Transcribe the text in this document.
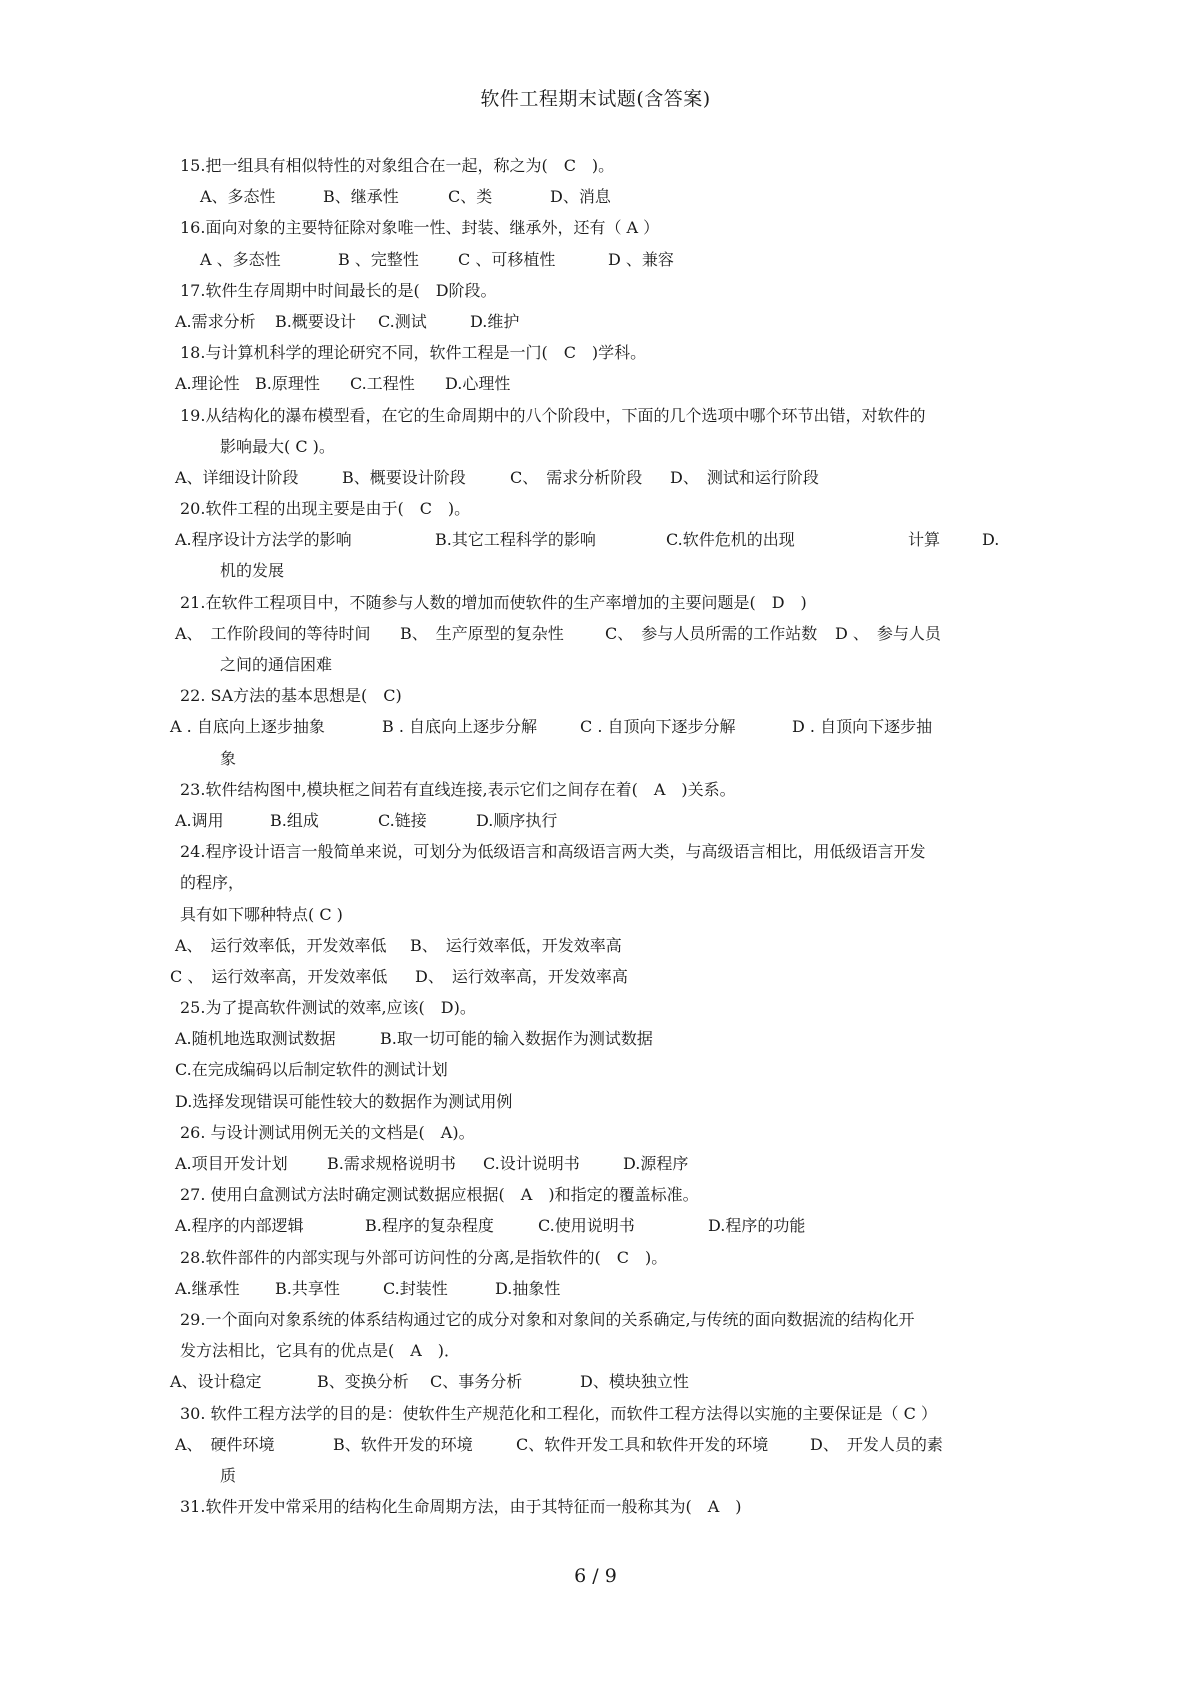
软件工程期末试题(含答案)
15.把一组具有相似特性的对象组合在一起，称之为(　C　)。
A、多态性	B、继承性	C、类	D、消息
16.面向对象的主要特征除对象唯一性、封装、继承外，还有（ A ）
A 、多态性	B 、完整性 C 、可移植性	D 、兼容
17.软件生存周期中时间最长的是(　D阶段。
A.需求分析 B.概要设计 C.测试	D.维护
18.与计算机科学的理论研究不同，软件工程是一门(　C　)学科。
A.理论性 B.原理性 C.工程性 D.心理性
19.从结构化的瀑布模型看，在它的生命周期中的八个阶段中，下面的几个选项中哪个环节出错，对软件的
影响最大( C )。
A、详细设计阶段	B、概要设计阶段	C、　需求分析阶段 D、　测试和运行阶段
20.软件工程的出现主要是由于(　C　)。
A.程序设计方法学的影响	B.其它工程科学的影响	C.软件危机的出现	计算	D.
机的发展
21.在软件工程项目中，不随参与人数的增加而使软件的生产率增加的主要问题是(　D　)
A、　工作阶段间的等待时间 B、　生产原型的复杂性	C、　参与人员所需的工作站数 D 、　参与人员
之间的通信困难
22. SA方法的基本思想是(　C)
A . 自底向上逐步抽象	B . 自底向上逐步分解	C . 自顶向下逐步分解	D . 自顶向下逐步抽
象
23.软件结构图中,模块框之间若有直线连接,表示它们之间存在着(　A　)关系。
A.调用	B.组成	C.链接	D.顺序执行
24.程序设计语言一般简单来说，可划分为低级语言和高级语言两大类，与高级语言相比，用低级语言开发
的程序，
具有如下哪种特点( C )
A、　运行效率低，开发效率低 B、　运行效率低，开发效率高
C 、　运行效率高，开发效率低 D、　运行效率高，开发效率高
25.为了提高软件测试的效率,应该(　D)。
A.随机地选取测试数据	B.取一切可能的输入数据作为测试数据
C.在完成编码以后制定软件的测试计划
D.选择发现错误可能性较大的数据作为测试用例
26. 与设计测试用例无关的文档是(　A)。
A.项目开发计划 B.需求规格说明书 C.设计说明书	D.源程序
27. 使用白盒测试方法时确定测试数据应根据(　A　)和指定的覆盖标准。
A.程序的内部逻辑	B.程序的复杂程度	C.使用说明书	D.程序的功能
28.软件部件的内部实现与外部可访问性的分离,是指软件的(　C　)。
A.继承性 B.共享性	C.封装性	D.抽象性
29.一个面向对象系统的体系结构通过它的成分对象和对象间的关系确定,与传统的面向数据流的结构化开
发方法相比，它具有的优点是(　A　)．
A、设计稳定	B、变换分析 C、事务分析	D、模块独立性
30. 软件工程方法学的目的是：使软件生产规范化和工程化，而软件工程方法得以实施的主要保证是（ C ）
A、　硬件环境	B、软件开发的环境	C、软件开发工具和软件开发的环境	D、　开发人员的素
质
31.软件开发中常采用的结构化生命周期方法，由于其特征而一般称其为(　A　)
6 / 9
